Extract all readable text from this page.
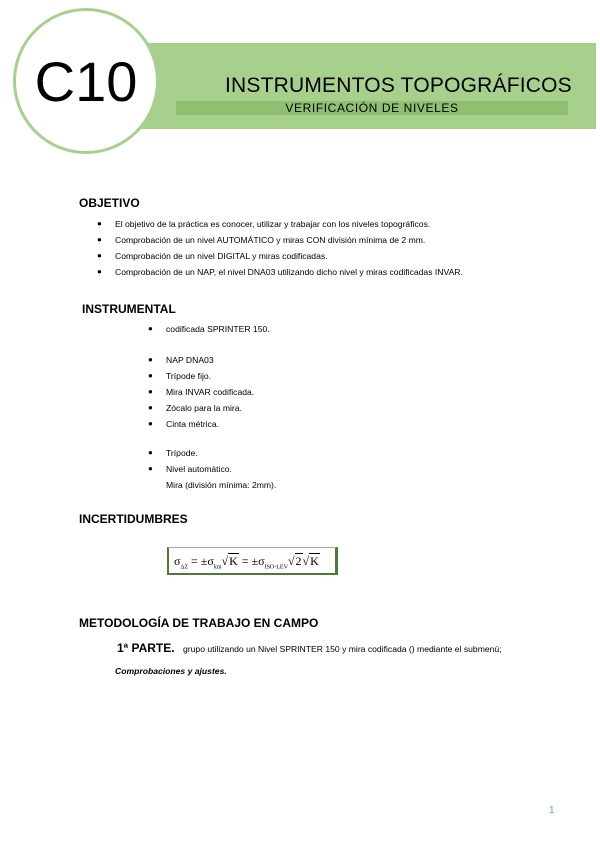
C10	INSTRUMENTOS TOPOGRÁFICOS
VERIFICACIÓN DE NIVELES
OBJETIVO
● El objetivo de la práctica es conocer, utilizar y trabajar con los niveles topográficos.
● Comprobación de un nivel AUTOMÁTICO y miras CON división mínima de 2 mm.
● Comprobación de un nivel DIGITAL y miras codificadas.
● Comprobación de un NAP, el nivel DNA03 utilizando dicho nivel y miras codificadas INVAR.
INSTRUMENTAL
● codificada SPRINTER 150.
● NAP DNA03
● Trípode fijo.
● Mira INVAR codificada.
● Zócalo para la mira.
● Cinta métrica.
● Trípode.
● Nivel automático.
Mira (división mínima: 2mm).
INCERTIDUMBRES
$\sigma_{\Delta Z} = \pm\sigma_{km}√K = \pm\sigma_{ISO-LEV}√2√K$
METODOLOGÍA DE TRABAJO EN CAMPO
1ª PARTE. grupo utilizando un Nivel SPRINTER 150 y mira codificada () mediante el submenú;
Comprobaciones y ajustes.
1
